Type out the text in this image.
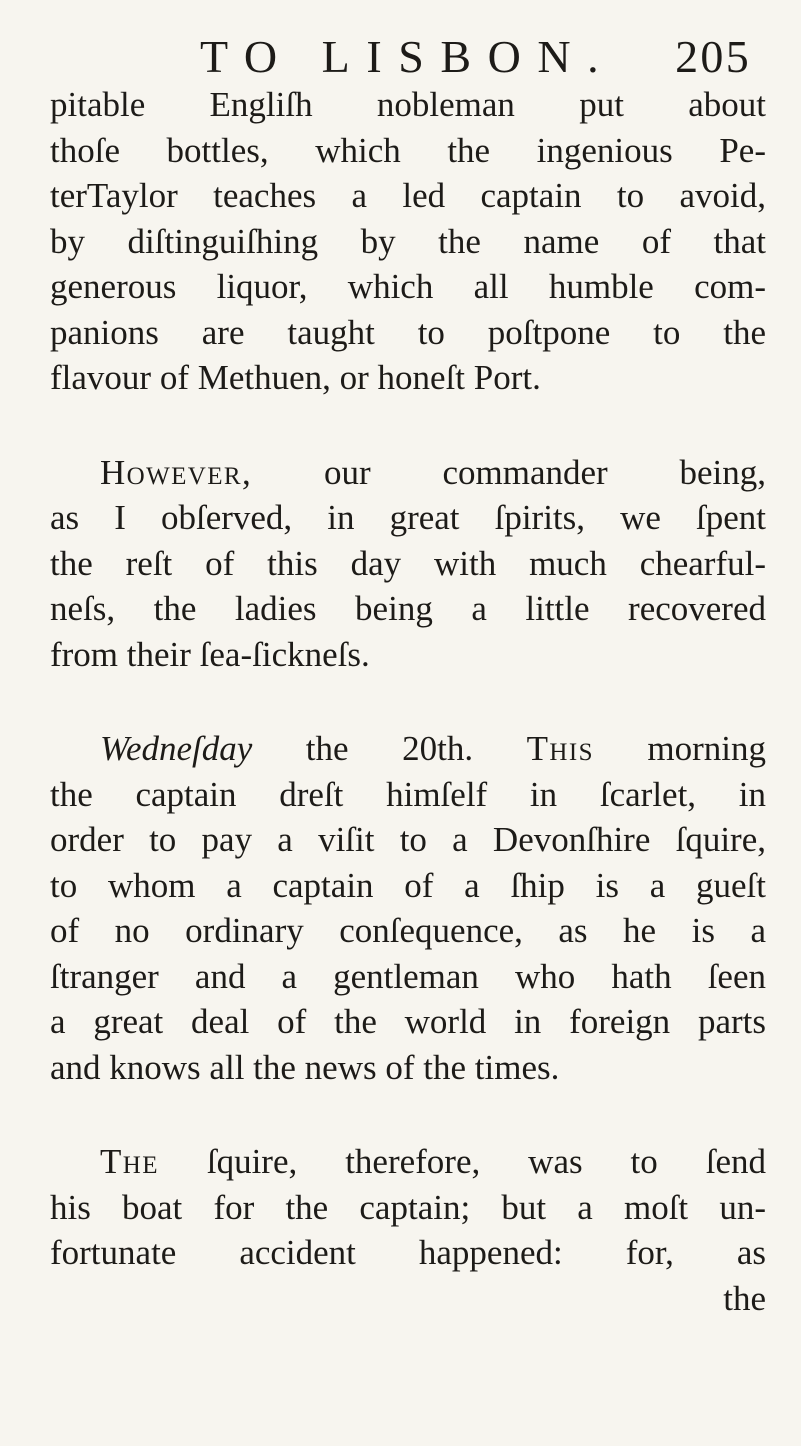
TO LISBON. 205
pitable Engliſh nobleman put about
thoſe bottles, which the ingenious Pe-
terTaylor teaches a led captain to avoid,
by diſtinguiſhing by the name of that
generous liquor, which all humble com-
panions are taught to poſtpone to the
flavour of Methuen, or honeſt Port.
However, our commander being,
as I obſerved, in great ſpirits, we ſpent
the reſt of this day with much chearful-
neſs, the ladies being a little recovered
from their ſea-ſickneſs.
Wedneſday the 20th. This morning
the captain dreſt himſelf in ſcarlet, in
order to pay a viſit to a Devonſhire ſquire,
to whom a captain of a ſhip is a gueſt
of no ordinary conſequence, as he is a
ſtranger and a gentleman who hath ſeen
a great deal of the world in foreign parts
and knows all the news of the times.
The ſquire, therefore, was to ſend
his boat for the captain; but a moſt un-
fortunate accident happened: for, as
the
